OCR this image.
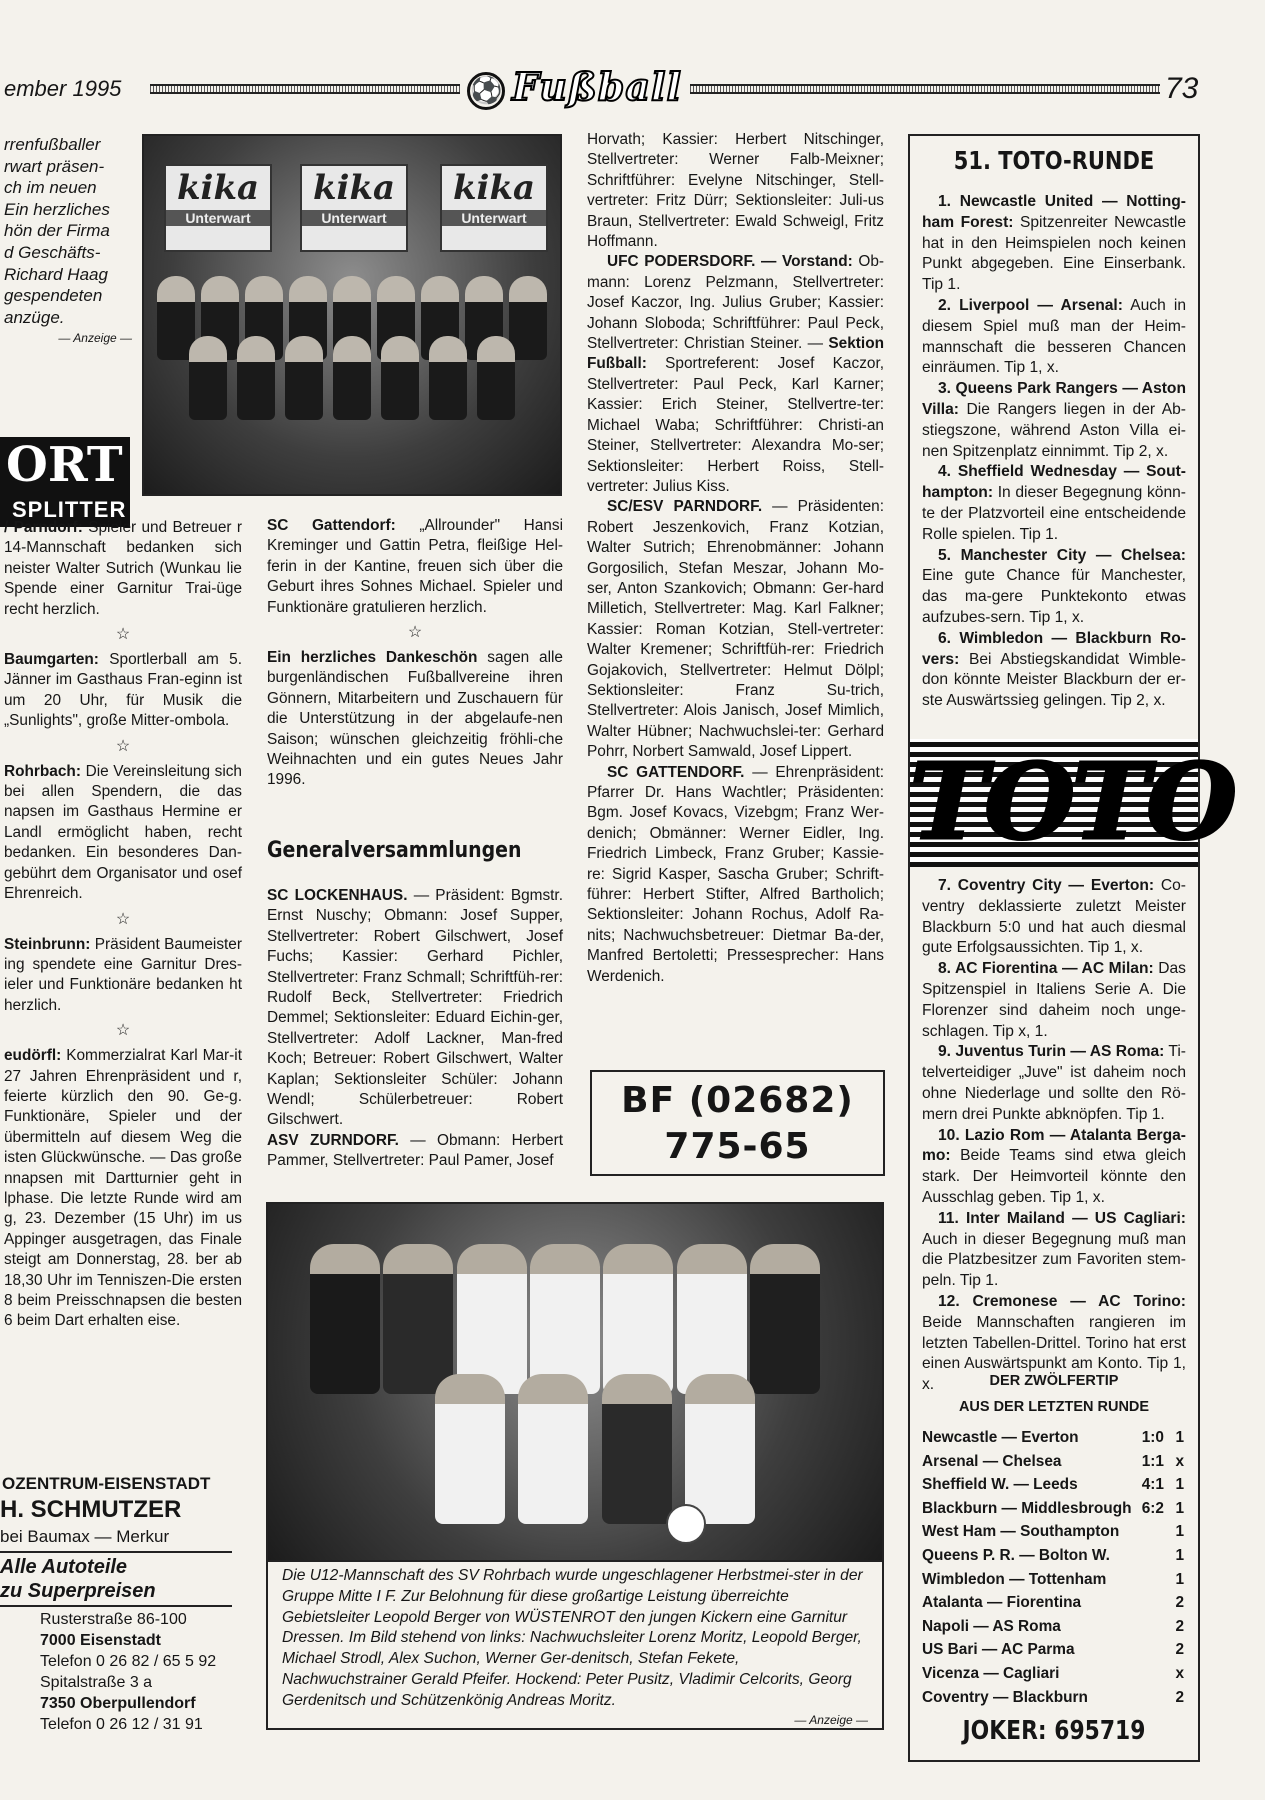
ember 1995	⚽ Fußball	73

rrenfußballer

rwart präsen-

ch im neuen

Ein herzliches

hön der Firma

d Geschäfts-

Richard Haag

gespendeten

anzüge.

— Anzeige —

kika
Unterwart
kika
Unterwart
kika
Unterwart
ORT
SPLITTER

/ Parndorf: Spieler und Betreuer r 14-Mannschaft bedanken sich neister Walter Sutrich (Wunkau lie Spende einer Garnitur Trai-üge recht herzlich.

☆

Baumgarten: Sportlerball am 5. Jänner im Gasthaus Fran-eginn ist um 20 Uhr, für Musik die „Sunlights", große Mitter-ombola.

☆

Rohrbach: Die Vereinsleitung sich bei allen Spendern, die das napsen im Gasthaus Hermine er Landl ermöglicht haben, recht bedanken. Ein besonderes Dan-gebührt dem Organisator und osef Ehrenreich.

☆

Steinbrunn: Präsident Baumeister ing spendete eine Garnitur Dres-ieler und Funktionäre bedanken ht herzlich.

☆

eudörfl: Kommerzialrat Karl Mar-it 27 Jahren Ehrenpräsident und r, feierte kürzlich den 90. Ge-g. Funktionäre, Spieler und der übermitteln auf diesem Weg die isten Glückwünsche. — Das große nnapsen mit Dartturnier geht in lphase. Die letzte Runde wird am g, 23. Dezember (15 Uhr) im us Appinger ausgetragen, das Finale steigt am Donnerstag, 28. ber ab 18,30 Uhr im Tenniszen-Die ersten 8 beim Preisschnapsen die besten 6 beim Dart erhalten eise.

OZENTRUM-EISENSTADT
H. SCHMUTZER
bei Baumax — Merkur
Alle Autoteile
zu Superpreisen
Rusterstraße 86-100
7000 Eisenstadt
Telefon 0 26 82 / 65 5 92
Spitalstraße 3 a
7350 Oberpullendorf
Telefon 0 26 12 / 31 91

SC Gattendorf: „Allrounder" Hansi Kreminger und Gattin Petra, fleißige Hel-ferin in der Kantine, freuen sich über die Geburt ihres Sohnes Michael. Spieler und Funktionäre gratulieren herzlich.

☆

Ein herzliches Dankeschön sagen alle burgenländischen Fußballvereine ihren Gönnern, Mitarbeitern und Zuschauern für die Unterstützung in der abgelaufe-nen Saison; wünschen gleichzeitig fröhli-che Weihnachten und ein gutes Neues Jahr 1996.

Generalversammlungen

SC LOCKENHAUS. — Präsident: Bgmstr. Ernst Nuschy; Obmann: Josef Supper, Stellvertreter: Robert Gilschwert, Josef Fuchs; Kassier: Gerhard Pichler, Stellvertreter: Franz Schmall; Schriftfüh-rer: Rudolf Beck, Stellvertreter: Friedrich Demmel; Sektionsleiter: Eduard Eichin-ger, Stellvertreter: Adolf Lackner, Man-fred Koch; Betreuer: Robert Gilschwert, Walter Kaplan; Sektionsleiter Schüler: Johann Wendl; Schülerbetreuer: Robert Gilschwert.

ASV ZURNDORF. — Obmann: Herbert Pammer, Stellvertreter: Paul Pamer, Josef

Horvath; Kassier: Herbert Nitschinger, Stellvertreter: Werner Falb-Meixner; Schriftführer: Evelyne Nitschinger, Stell-vertreter: Fritz Dürr; Sektionsleiter: Juli-us Braun, Stellvertreter: Ewald Schweigl, Fritz Hoffmann.

UFC PODERSDORF. — Vorstand: Ob-mann: Lorenz Pelzmann, Stellvertreter: Josef Kaczor, Ing. Julius Gruber; Kassier: Johann Sloboda; Schriftführer: Paul Peck, Stellvertreter: Christian Steiner. — Sektion Fußball: Sportreferent: Josef Kaczor, Stellvertreter: Paul Peck, Karl Karner; Kassier: Erich Steiner, Stellvertre-ter: Michael Waba; Schriftführer: Christi-an Steiner, Stellvertreter: Alexandra Mo-ser; Sektionsleiter: Herbert Roiss, Stell-vertreter: Julius Kiss.

SC/ESV PARNDORF. — Präsidenten: Robert Jeszenkovich, Franz Kotzian, Walter Sutrich; Ehrenobmänner: Johann Gorgosilich, Stefan Meszar, Johann Mo-ser, Anton Szankovich; Obmann: Ger-hard Milletich, Stellvertreter: Mag. Karl Falkner; Kassier: Roman Kotzian, Stell-vertreter: Walter Kremener; Schriftfüh-rer: Friedrich Gojakovich, Stellvertreter: Helmut Dölpl; Sektionsleiter: Franz Su-trich, Stellvertreter: Alois Janisch, Josef Mimlich, Walter Hübner; Nachwuchslei-ter: Gerhard Pohrr, Norbert Samwald, Josef Lippert.

SC GATTENDORF. — Ehrenpräsident: Pfarrer Dr. Hans Wachtler; Präsidenten: Bgm. Josef Kovacs, Vizebgm; Franz Wer-denich; Obmänner: Werner Eidler, Ing. Friedrich Limbeck, Franz Gruber; Kassie-re: Sigrid Kasper, Sascha Gruber; Schrift-führer: Herbert Stifter, Alfred Bartholich; Sektionsleiter: Johann Rochus, Adolf Ra-nits; Nachwuchsbetreuer: Dietmar Ba-der, Manfred Bertoletti; Pressesprecher: Hans Werdenich.

BF (02682)
775-65

Die U12-Mannschaft des SV Rohrbach wurde ungeschlagener Herbstmei-ster in der Gruppe Mitte I F. Zur Belohnung für diese großartige Leistung überreichte Gebietsleiter Leopold Berger von WÜSTENROT den jungen Kickern eine Garnitur Dressen. Im Bild stehend von links: Nachwuchsleiter Lorenz Moritz, Leopold Berger, Michael Strodl, Alex Suchon, Werner Ger-denitsch, Stefan Fekete, Nachwuchstrainer Gerald Pfeifer. Hockend: Peter Pusitz, Vladimir Celcorits, Georg Gerdenitsch und Schützenkönig Andreas Moritz.

— Anzeige —

51. TOTO-RUNDE

1. Newcastle United — Notting-ham Forest: Spitzenreiter Newcastle hat in den Heimspielen noch keinen Punkt abgegeben. Eine Einserbank. Tip 1.

2. Liverpool — Arsenal: Auch in diesem Spiel muß man der Heim-mannschaft die besseren Chancen einräumen. Tip 1, x.

3. Queens Park Rangers — Aston Villa: Die Rangers liegen in der Ab-stiegszone, während Aston Villa ei-nen Spitzenplatz einnimmt. Tip 2, x.

4. Sheffield Wednesday — Sout-hampton: In dieser Begegnung könn-te der Platzvorteil eine entscheidende Rolle spielen. Tip 1.

5. Manchester City — Chelsea: Eine gute Chance für Manchester, das ma-gere Punktekonto etwas aufzubes-sern. Tip 1, x.

6. Wimbledon — Blackburn Ro-vers: Bei Abstiegskandidat Wimble-don könnte Meister Blackburn der er-ste Auswärtssieg gelingen. Tip 2, x.

TOTO

7. Coventry City — Everton: Co-ventry deklassierte zuletzt Meister Blackburn 5:0 und hat auch diesmal gute Erfolgsaussichten. Tip 1, x.

8. AC Fiorentina — AC Milan: Das Spitzenspiel in Italiens Serie A. Die Florenzer sind daheim noch unge-schlagen. Tip x, 1.

9. Juventus Turin — AS Roma: Ti-telverteidiger „Juve" ist daheim noch ohne Niederlage und sollte den Rö-mern drei Punkte abknöpfen. Tip 1.

10. Lazio Rom — Atalanta Berga-mo: Beide Teams sind etwa gleich stark. Der Heimvorteil könnte den Ausschlag geben. Tip 1, x.

11. Inter Mailand — US Cagliari: Auch in dieser Begegnung muß man die Platzbesitzer zum Favoriten stem-peln. Tip 1.

12. Cremonese — AC Torino: Beide Mannschaften rangieren im letzten Tabellen-Drittel. Torino hat erst einen Auswärtspunkt am Konto. Tip 1, x.	DER ZWÖLFERTIP
AUS DER LETZTEN RUNDE
Newcastle — Everton	1:0	1
Arsenal — Chelsea	1:1	x
Sheffield W. — Leeds	4:1	1
Blackburn — Middlesbrough	6:2	1
West Ham — Southampton		1
Queens P. R. — Bolton W.		1
Wimbledon — Tottenham		1
Atalanta — Fiorentina		2
Napoli — AS Roma		2
US Bari — AC Parma		2
Vicenza — Cagliari		x
Coventry — Blackburn		2
JOKER: 695719
